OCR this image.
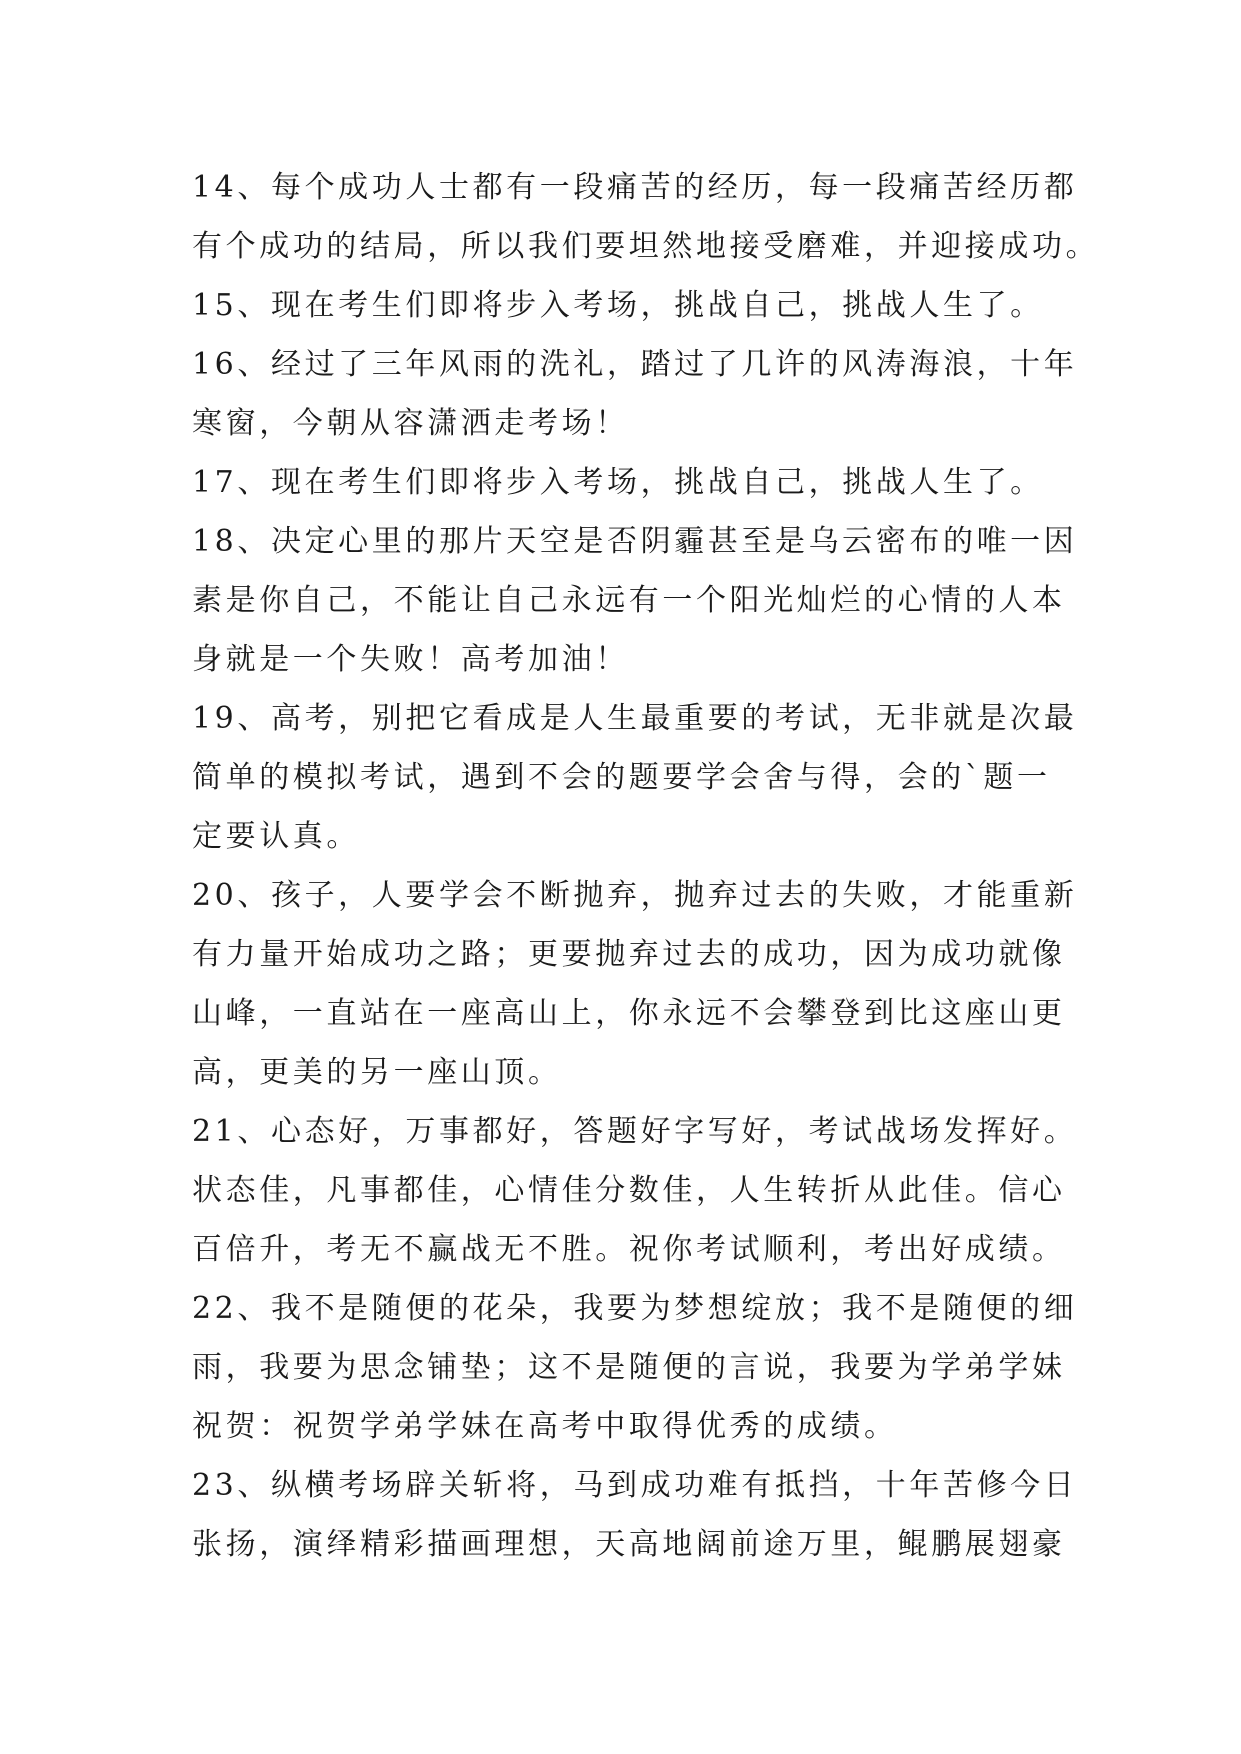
14、每个成功人士都有一段痛苦的经历，每一段痛苦经历都
有个成功的结局，所以我们要坦然地接受磨难，并迎接成功。
15、现在考生们即将步入考场，挑战自己，挑战人生了。
16、经过了三年风雨的洗礼，踏过了几许的风涛海浪，十年
寒窗，今朝从容潇洒走考场！
17、现在考生们即将步入考场，挑战自己，挑战人生了。
18、决定心里的那片天空是否阴霾甚至是乌云密布的唯一因
素是你自己，不能让自己永远有一个阳光灿烂的心情的人本
身就是一个失败！高考加油！
19、高考，别把它看成是人生最重要的考试，无非就是次最
简单的模拟考试，遇到不会的题要学会舍与得，会的`题一
定要认真。
20、孩子，人要学会不断抛弃，抛弃过去的失败，才能重新
有力量开始成功之路；更要抛弃过去的成功，因为成功就像
山峰，一直站在一座高山上，你永远不会攀登到比这座山更
高，更美的另一座山顶。
21、心态好，万事都好，答题好字写好，考试战场发挥好。
状态佳，凡事都佳，心情佳分数佳，人生转折从此佳。信心
百倍升，考无不赢战无不胜。祝你考试顺利，考出好成绩。
22、我不是随便的花朵，我要为梦想绽放；我不是随便的细
雨，我要为思念铺垫；这不是随便的言说，我要为学弟学妹
祝贺：祝贺学弟学妹在高考中取得优秀的成绩。
23、纵横考场辟关斩将，马到成功难有抵挡，十年苦修今日
张扬，演绎精彩描画理想，天高地阔前途万里，鲲鹏展翅豪
